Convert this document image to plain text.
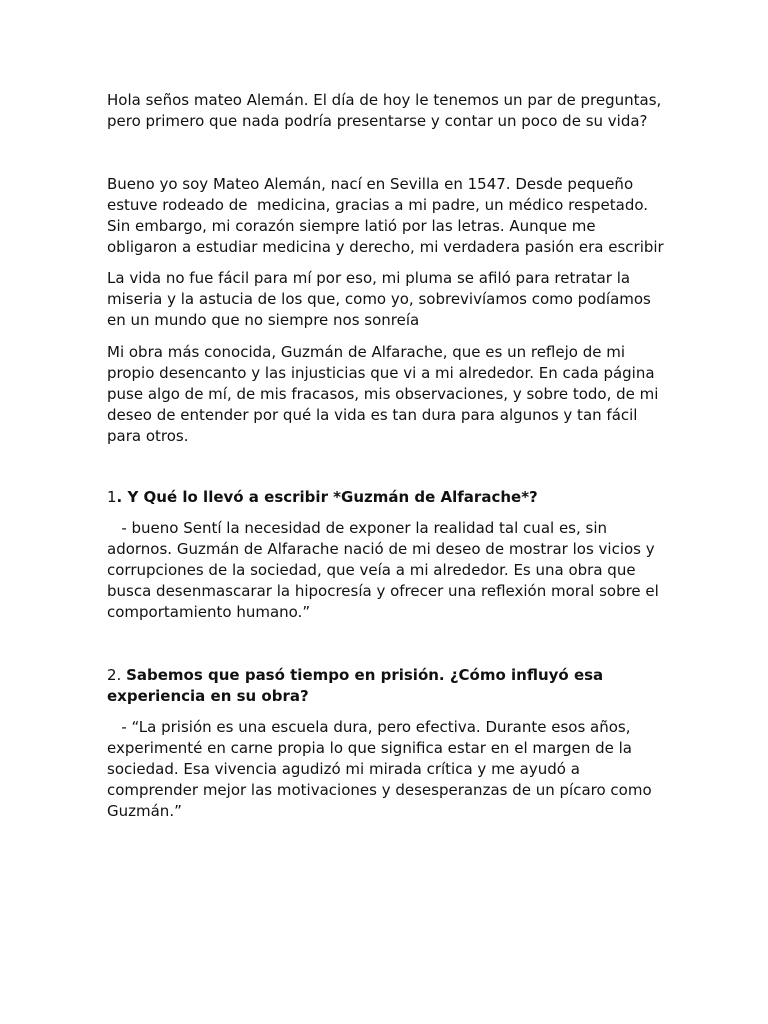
Hola seños mateo Alemán. El día de hoy le tenemos un par de preguntas, pero primero que nada podría presentarse y contar un poco de su vida?

Bueno yo soy Mateo Alemán, nací en Sevilla en 1547. Desde pequeño estuve rodeado de  medicina, gracias a mi padre, un médico respetado. Sin embargo, mi corazón siempre latió por las letras. Aunque me obligaron a estudiar medicina y derecho, mi verdadera pasión era escribir

La vida no fue fácil para mí por eso, mi pluma se afiló para retratar la miseria y la astucia de los que, como yo, sobrevivíamos como podíamos en un mundo que no siempre nos sonreía

Mi obra más conocida, Guzmán de Alfarache, que es un reflejo de mi propio desencanto y las injusticias que vi a mi alrededor. En cada página puse algo de mí, de mis fracasos, mis observaciones, y sobre todo, de mi deseo de entender por qué la vida es tan dura para algunos y tan fácil para otros.

1. Y Qué lo llevó a escribir *Guzmán de Alfarache*?

- bueno Sentí la necesidad de exponer la realidad tal cual es, sin adornos. Guzmán de Alfarache nació de mi deseo de mostrar los vicios y corrupciones de la sociedad, que veía a mi alrededor. Es una obra que busca desenmascarar la hipocresía y ofrecer una reflexión moral sobre el comportamiento humano.”

2. Sabemos que pasó tiempo en prisión. ¿Cómo influyó esa experiencia en su obra?

- “La prisión es una escuela dura, pero efectiva. Durante esos años, experimenté en carne propia lo que significa estar en el margen de la sociedad. Esa vivencia agudizó mi mirada crítica y me ayudó a comprender mejor las motivaciones y desesperanzas de un pícaro como Guzmán.”
